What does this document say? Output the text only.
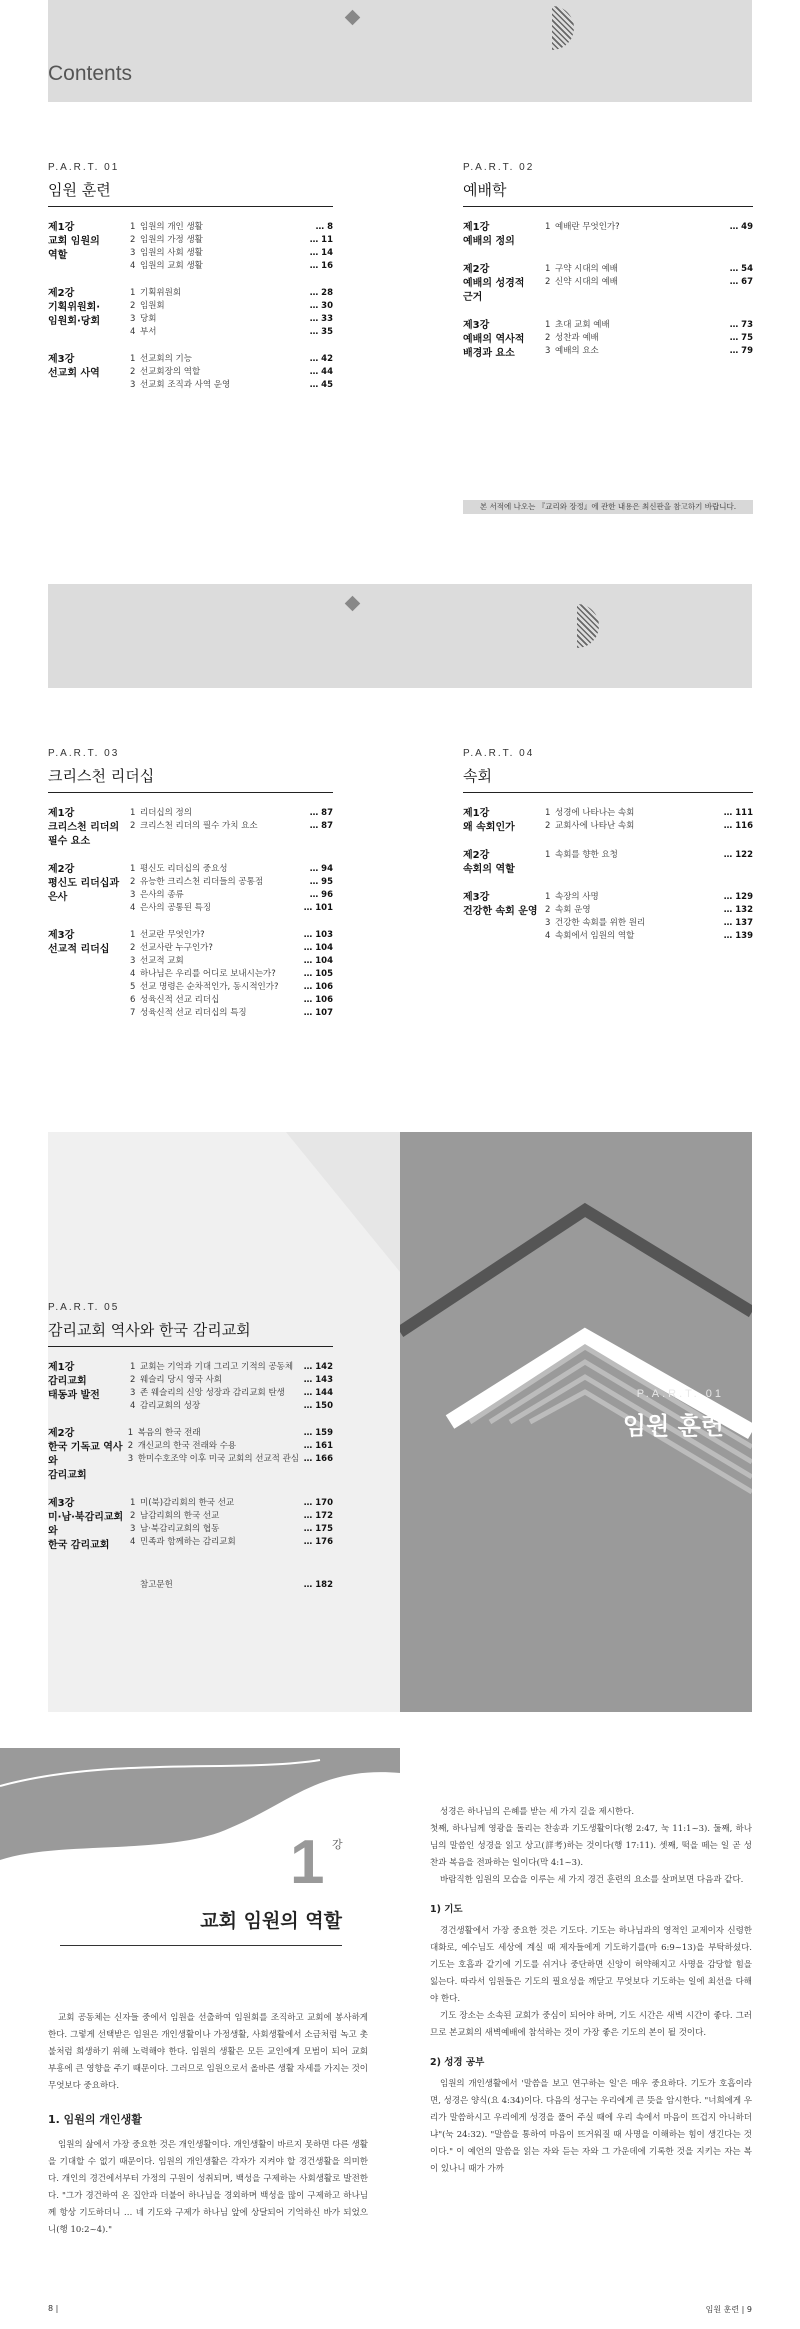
Contents
P.A.R.T. 01
임원 훈련
제1강
교회 임원의
역할
1 임원의 개인 생활	… 8
2 임원의 가정 생활	… 11
3 임원의 사회 생활	… 14
4 임원의 교회 생활	… 16
제2강
기획위원회·
임원회·당회
1 기획위원회	… 28
2 임원회	… 30
3 당회	… 33
4 부서	… 35
제3강
선교회 사역
1 선교회의 기능	… 42
2 선교회장의 역할	… 44
3 선교회 조직과 사역 운영	… 45
P.A.R.T. 02
예배학
제1강
예배의 정의
1 예배란 무엇인가?	… 49
제2강
예배의 성경적
근거
1 구약 시대의 예배	… 54
2 신약 시대의 예배	… 67
제3강
예배의 역사적
배경과 요소
1 초대 교회 예배	… 73
2 성찬과 예배	… 75
3 예배의 요소	… 79
본 서적에 나오는 『교리와 장정』에 관한 내용은 최신판을 참고하기 바랍니다.
P.A.R.T. 03
크리스천 리더십
제1강
크리스천 리더의
필수 요소
1 리더십의 정의	… 87
2 크리스천 리더의 필수 가치 요소	… 87
제2강
평신도 리더십과
은사
1 평신도 리더십의 중요성	… 94
2 유능한 크리스천 리더들의 공통점	… 95
3 은사의 종류	… 96
4 은사의 공통된 특징	… 101
제3강
선교적 리더십
1 선교란 무엇인가?	… 103
2 선교사란 누구인가?	… 104
3 선교적 교회	… 104
4 하나님은 우리를 어디로 보내시는가?	… 105
5 선교 명령은 순차적인가, 동시적인가?	… 106
6 성육신적 선교 리더십	… 106
7 성육신적 선교 리더십의 특징	… 107
P.A.R.T. 04
속회
제1강
왜 속회인가
1 성경에 나타나는 속회	… 111
2 교회사에 나타난 속회	… 116
제2강
속회의 역할
1 속회를 향한 요청	… 122
제3강
건강한 속회 운영
1 속장의 사명	… 129
2 속회 운영	… 132
3 건강한 속회를 위한 원리	… 137
4 속회에서 임원의 역할	… 139
P.A.R.T. 05
감리교회 역사와 한국 감리교회
제1강
감리교회
태동과 발전
1 교회는 기억과 기대 그리고 기적의 공동체	… 142
2 웨슬리 당시 영국 사회	… 143
3 존 웨슬리의 신앙 성장과 감리교회 탄생	… 144
4 감리교회의 성장	… 150
제2강
한국 기독교 역사와
감리교회
1 복음의 한국 전래	… 159
2 개신교의 한국 전래와 수용	… 161
3 한미수호조약 이후 미국 교회의 선교적 관심 … 166
제3강
미·남·북감리교회와
한국 감리교회
1 미(북)감리회의 한국 선교	… 170
2 남감리회의 한국 선교	… 172
3 남·북감리교회의 협동	… 175
4 민족과 함께하는 감리교회	… 176
참고문헌	… 182
P.A.R.T. 01
임원 훈련
1 강
교회 임원의 역할

교회 공동체는 신자들 중에서 임원을 선출하여 임원회를 조직하고 교회에 봉사하게 한다. 그렇게 선택받은 임원은 개인생활이나 가정생활, 사회생활에서 소금처럼 녹고 촛불처럼 희생하기 위해 노력해야 한다. 임원의 생활은 모든 교인에게 모범이 되어 교회 부흥에 큰 영향을 주기 때문이다. 그러므로 임원으로서 올바른 생활 자세를 가지는 것이 무엇보다 중요하다.

1. 임원의 개인생활

임원의 삶에서 가장 중요한 것은 개인생활이다. 개인생활이 바르지 못하면 다른 생활을 기대할 수 없기 때문이다. 임원의 개인생활은 각자가 지켜야 할 경건생활을 의미한다. 개인의 경건에서부터 가정의 구원이 성취되며, 백성을 구제하는 사회생활로 발전한다. "그가 경건하여 온 집안과 더불어 하나님을 경외하며 백성을 많이 구제하고 하나님께 항상 기도하더니 … 네 기도와 구제가 하나님 앞에 상달되어 기억하신 바가 되었으니(행 10:2~4)."

성경은 하나님의 은혜를 받는 세 가지 길을 제시한다.

첫째, 하나님께 영광을 돌리는 찬송과 기도생활이다(행 2:47, 눅 11:1~3). 둘째, 하나님의 말씀인 성경을 읽고 상고(詳考)하는 것이다(행 17:11). 셋째, 떡을 떼는 일 곧 성찬과 복음을 전파하는 일이다(막 4:1~3).

바람직한 임원의 모습을 이루는 세 가지 경건 훈련의 요소를 살펴보면 다음과 같다.

1) 기도

경건생활에서 가장 중요한 것은 기도다. 기도는 하나님과의 영적인 교제이자 신령한 대화로, 예수님도 세상에 계실 때 제자들에게 기도하기를(마 6:9~13)을 부탁하셨다. 기도는 호흡과 같기에 기도를 쉬거나 중단하면 신앙이 허약해지고 사명을 감당할 힘을 잃는다. 따라서 임원들은 기도의 필요성을 깨닫고 무엇보다 기도하는 일에 최선을 다해야 한다.

기도 장소는 소속된 교회가 중심이 되어야 하며, 기도 시간은 새벽 시간이 좋다. 그러므로 본교회의 새벽예배에 참석하는 것이 가장 좋은 기도의 본이 될 것이다.

2) 성경 공부

임원의 개인생활에서 '말씀을 보고 연구하는 일'은 매우 중요하다. 기도가 호흡이라면, 성경은 양식(요 4:34)이다. 다음의 성구는 우리에게 큰 뜻을 암시한다. "너희에게 우리가 말씀하시고 우리에게 성경을 풀어 주실 때에 우리 속에서 마음이 뜨겁지 아니하더냐"(눅 24:32). "말씀을 통하여 마음이 뜨거워질 때 사명을 이해하는 힘이 생긴다는 것이다." 이 예언의 말씀을 읽는 자와 듣는 자와 그 가운데에 기록한 것을 지키는 자는 복이 있나니 때가 가까

8 |	임원 훈련 | 9
